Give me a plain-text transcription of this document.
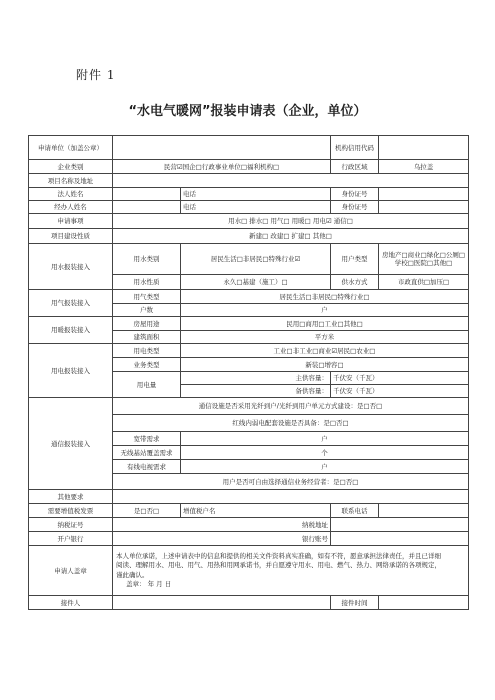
附件 1
“水电气暖网”报装申请表（企业，单位）
申请单位（加盖公章）			机构信用代码	
企业类别	民营☑国企□行政事业单位□福利机构□		行政区域	乌拉盖
项目名称及地址				
法人姓名		电话	身份证号	
经办人姓名		电话	身份证号	
申请事项	用水□ 排水□ 用气□ 用暖□ 用电☑ 通信□			
项目建设性质	新建□ 改建□ 扩建□ 其他□			
用水报装接入	用水类别	居民生活□非居民□特殊行业☑	用户类型	房地产□商业□绿化□公厕□学校□医院□其他□
	用水性质	永久□基建（施工）□	供水方式	市政直供□加压□
用气报装接入	用气类型	居民生活□非居民□特殊行业□		
	户数	户		
用暖报装接入	房屋用途	民用□商用□工业□其他□		
	建筑面积	平方米		
用电报装接入	用电类型	工业□非工业□商业☑居民□农业□		
	业务类型	新装□增容□		
	用电量	主供容量：	千伏安（千瓦）	
		备供容量：	千伏安（千瓦）	
通信报装接入	通信设施是否采用光纤到户/光纤到用户单元方式建设：是□否□			
	红线内弱电配套设施是否具备：是□否□			
	宽带需求	户		
	无线基站覆盖需求	个		
	有线电视需求	户		
	用户是否可自由选择通信业务经营者：是□否□			
其他要求				
需要增值税发票	是□否□	增值税户名	联系电话	
纳税证号	纳税地址			
开户银行	银行账号			
申请人盖章	本人单位承诺，上述申请表中的信息和提供的相关文件资料真实准确，如有不符，愿意承担法律责任，并且已详细
阅读、理解用水、用电、用气、用热和用网承诺书，并自愿遵守用水、用电、燃气、热力、网络承诺的各项规定，
谨此确认。
盖章： 年 月 日			

接件人			接件时间	
